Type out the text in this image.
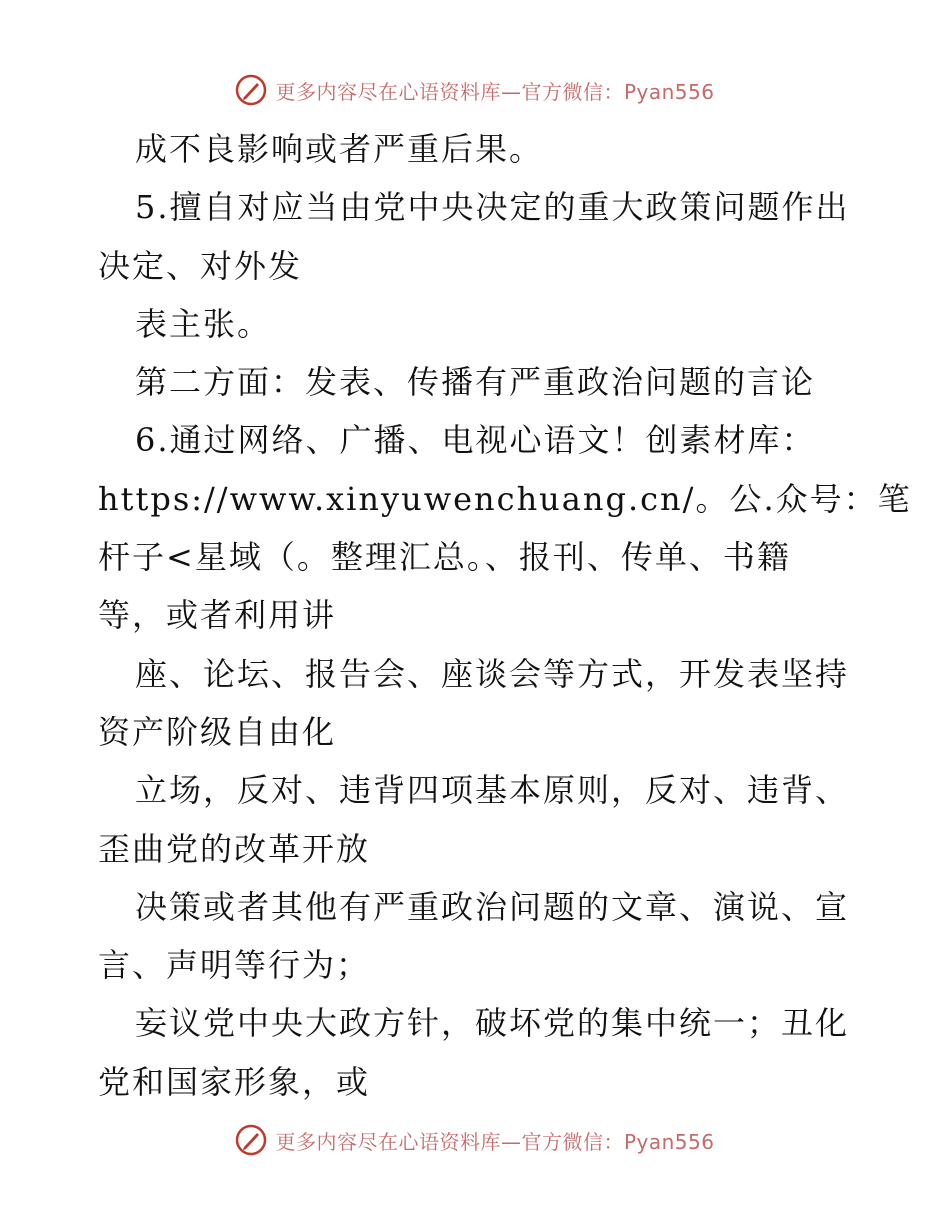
更多内容尽在心语资料库—官方微信：Pyan556
成不良影响或者严重后果。
5.擅自对应当由党中央决定的重大政策问题作出
决定、对外发
表主张。
第二方面：发表、传播有严重政治问题的言论
6.通过网络、广播、电视心语文！创素材库：
https://www.xinyuwenchuang.cn/。公.众号：笔
杆子<星域（。整理汇总。、报刊、传单、书籍
等，或者利用讲
座、论坛、报告会、座谈会等方式，开发表坚持
资产阶级自由化
立场，反对、违背四项基本原则，反对、违背、
歪曲党的改革开放
决策或者其他有严重政治问题的文章、演说、宣
言、声明等行为；
妄议党中央大政方针，破坏党的集中统一；丑化
党和国家形象，或
更多内容尽在心语资料库—官方微信：Pyan556
